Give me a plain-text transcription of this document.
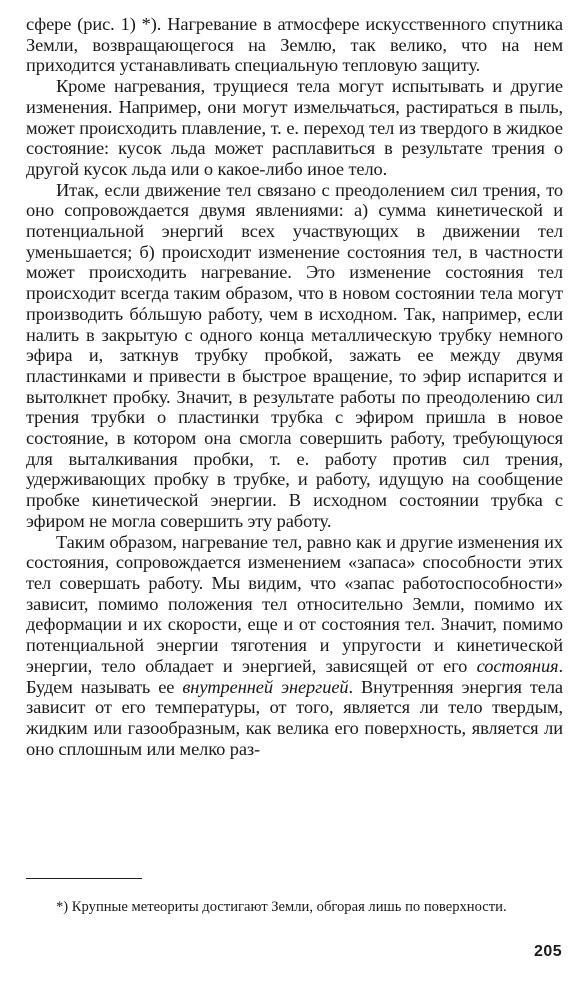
сфере (рис. 1) *). Нагревание в атмосфере искусственного спутника Земли, возвращающегося на Землю, так велико, что на нем приходится устанавливать специальную тепловую защиту.

Кроме нагревания, трущиеся тела могут испытывать и другие изменения. Например, они могут измельчаться, растираться в пыль, может происходить плавление, т. е. переход тел из твердого в жидкое состояние: кусок льда может расплавиться в результате трения о другой кусок льда или о какое-либо иное тело.

Итак, если движение тел связано с преодолением сил трения, то оно сопровождается двумя явлениями: а) сумма кинетической и потенциальной энергий всех участвующих в движении тел уменьшается; б) происходит изменение состояния тел, в частности может происходить нагревание. Это изменение состояния тел происходит всегда таким образом, что в новом состоянии тела могут производить бóльшую работу, чем в исходном. Так, например, если налить в закрытую с одного конца металлическую трубку немного эфира и, заткнув трубку пробкой, зажать ее между двумя пластинками и привести в быстрое вращение, то эфир испарится и вытолкнет пробку. Значит, в результате работы по преодолению сил трения трубки о пластинки трубка с эфиром пришла в новое состояние, в котором она смогла совершить работу, требующуюся для выталкивания пробки, т. е. работу против сил трения, удерживающих пробку в трубке, и работу, идущую на сообщение пробке кинетической энергии. В исходном состоянии трубка с эфиром не могла совершить эту работу.

Таким образом, нагревание тел, равно как и другие изменения их состояния, сопровождается изменением «запаса» способности этих тел совершать работу. Мы видим, что «запас работоспособности» зависит, помимо положения тел относительно Земли, помимо их деформации и их скорости, еще и от состояния тел. Значит, помимо потенциальной энергии тяготения и упругости и кинетической энергии, тело обладает и энергией, зависящей от его состояния. Будем называть ее внутренней энергией. Внутренняя энергия тела зависит от его температуры, от того, является ли тело твердым, жидким или газообразным, как велика его поверхность, является ли оно сплошным или мелко раз-

*) Крупные метеориты достигают Земли, обгорая лишь по поверхности.

205
